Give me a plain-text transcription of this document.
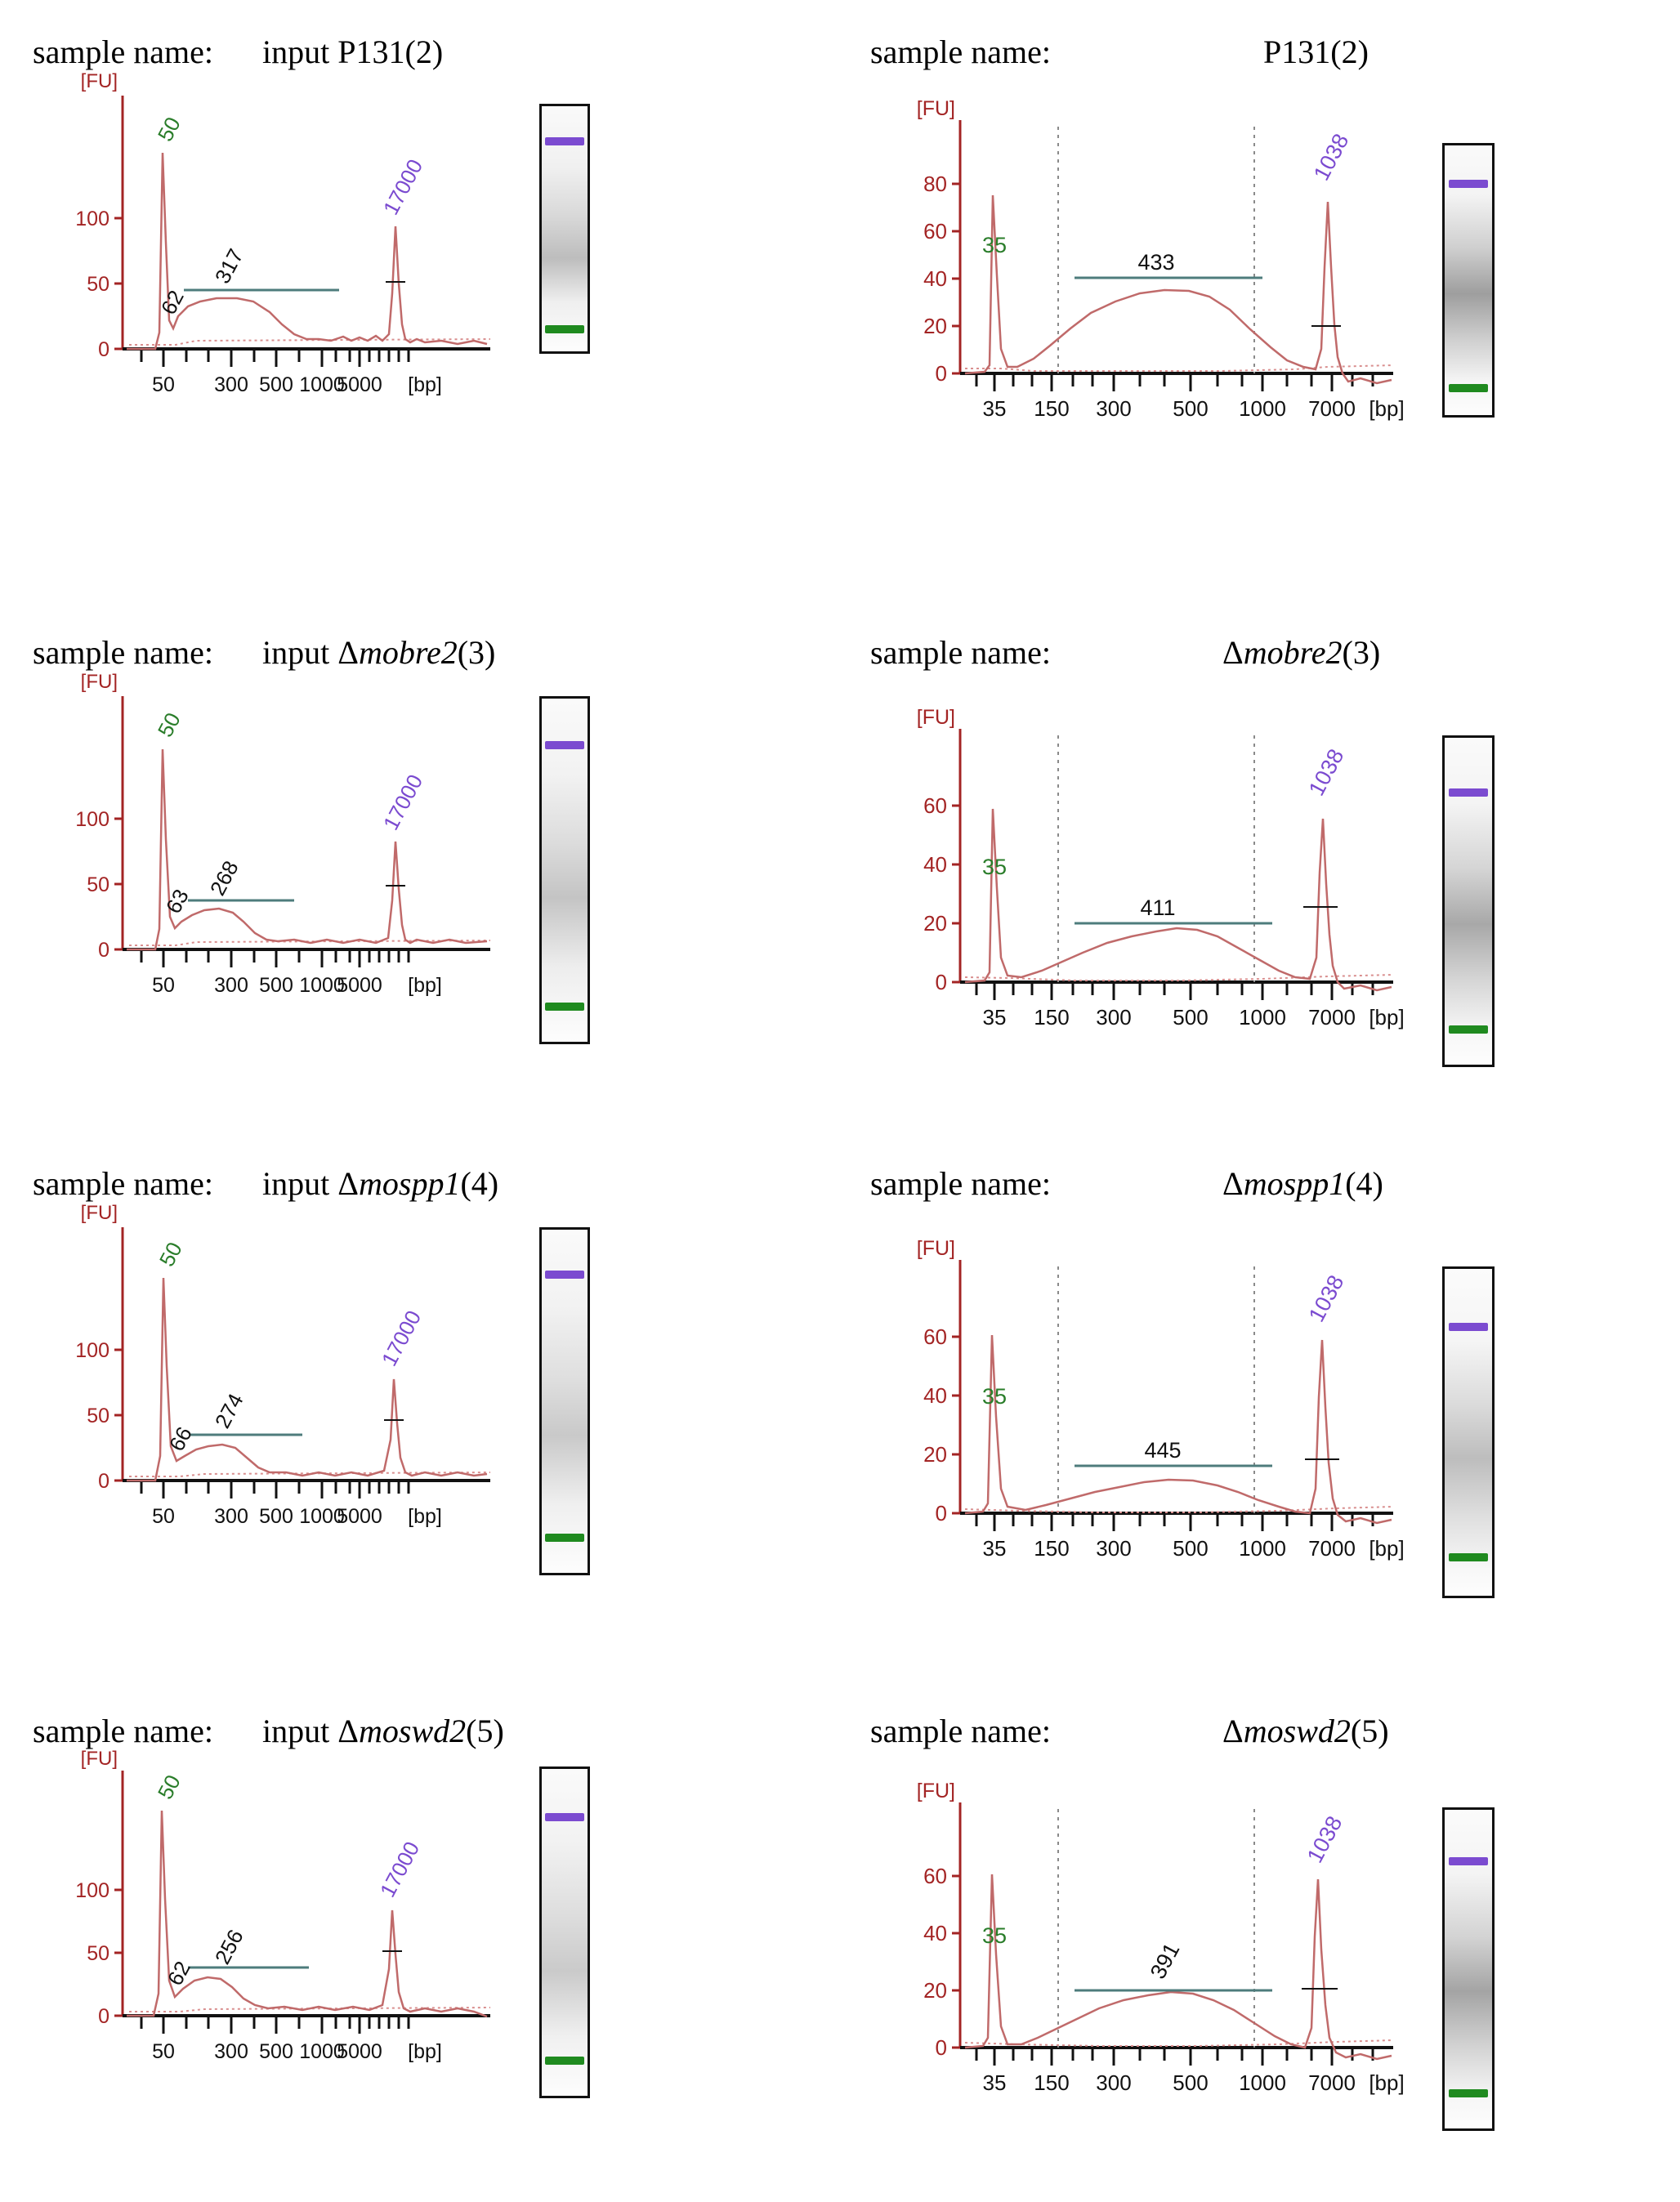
sample name: input P131(2)
0
50
100
[FU]
50 300 500 1000
5000 [bp]
62
317
50
17000
sample name:	P131(2)
0
20
40
60
80
[FU]
35 150 300 500 1000 7000 [bp]
433
35
1038
sample name: input Δmobre2(3)
0
50
100
[FU]
50 300 500 1000
5000 [bp]
63
268
50
17000
sample name:	Δmobre2(3)
0
20
40
60
[FU]
35 150 300 500 1000 7000 [bp]
411
35
1038
sample name: input Δmospp1(4)
0
50
100
[FU]
50 300 500 1000
5000 [bp]
66
274
50
17000
sample name:	Δmospp1(4)
0
20
40
60
[FU]
35 150 300 500 1000 7000 [bp]
445
35
1038
sample name: input Δmoswd2(5)
0
50
100
[FU]
50 300 500 1000
5000 [bp]
62
256
50
17000
sample name:	Δmoswd2(5)
0
20
40
60
[FU]
35 150 300 500 1000 7000 [bp]
391
35
1038
